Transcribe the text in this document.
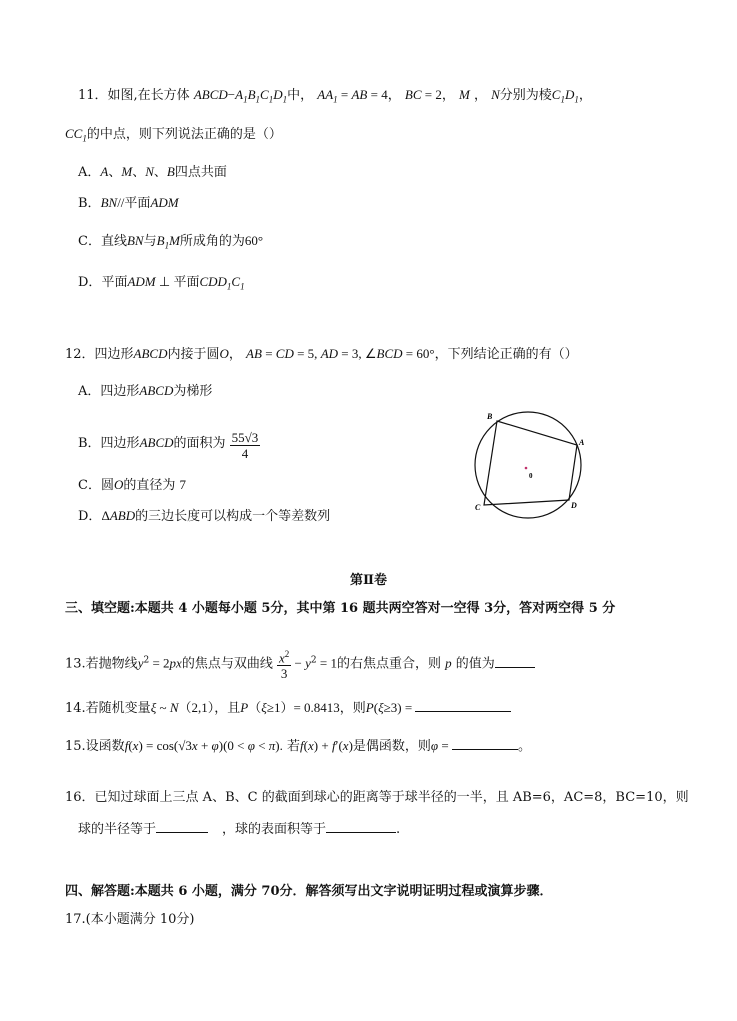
11．如图,在长方体 $ABCD-A_1B_1C_1D_1$中， $AA_1$ = AB = 4， BC = 2， M ， N分别为棱$C_1D_1$，
$CC_1$的中点，则下列说法正确的是（）
A．A、M、N、B四点共面
B．BN//平面ADM
C．直线BN与$B_1M$所成角的为60°
D．平面ADM ⊥ 平面$CDD_1C_1$
12．四边形ABCD内接于圆O， AB = CD = 5, AD = 3, ∠BCD = 60°，下列结论正确的有（）
A．四边形ABCD为梯形
B．四边形ABCD的面积为 $\frac{55√3}{4}$
C．圆O的直径为 7
D．ΔABD的三边长度可以构成一个等差数列
B
A
C	D
0
第Ⅱ卷
三、填空题:本题共 4 小题每小题 5分，其中第 16 题共两空答对一空得 3分，答对两空得 5 分
13.若抛物线$y^2 = 2px$的焦点与双曲线 $\frac{x^2}{3} - y^2 = 1$的右焦点重合，则 p 的值为
14.若随机变量ξ ~ N（2,1），且P（ξ≥1）= 0.8413，则P(ξ≥3) =
15.设函数f(x) = cos(√3x + φ)(0 < φ < π). 若f(x) + f′(x)是偶函数，则φ =	。
16．已知过球面上三点 A、B、C 的截面到球心的距离等于球半径的一半，且 AB=6，AC=8，BC=10，则
球的半径等于	，球的表面积等于	.
四、解答题:本题共 6 小题，满分 70分．解答须写出文字说明证明过程或演算步骤．
17.(本小题满分 10分)
